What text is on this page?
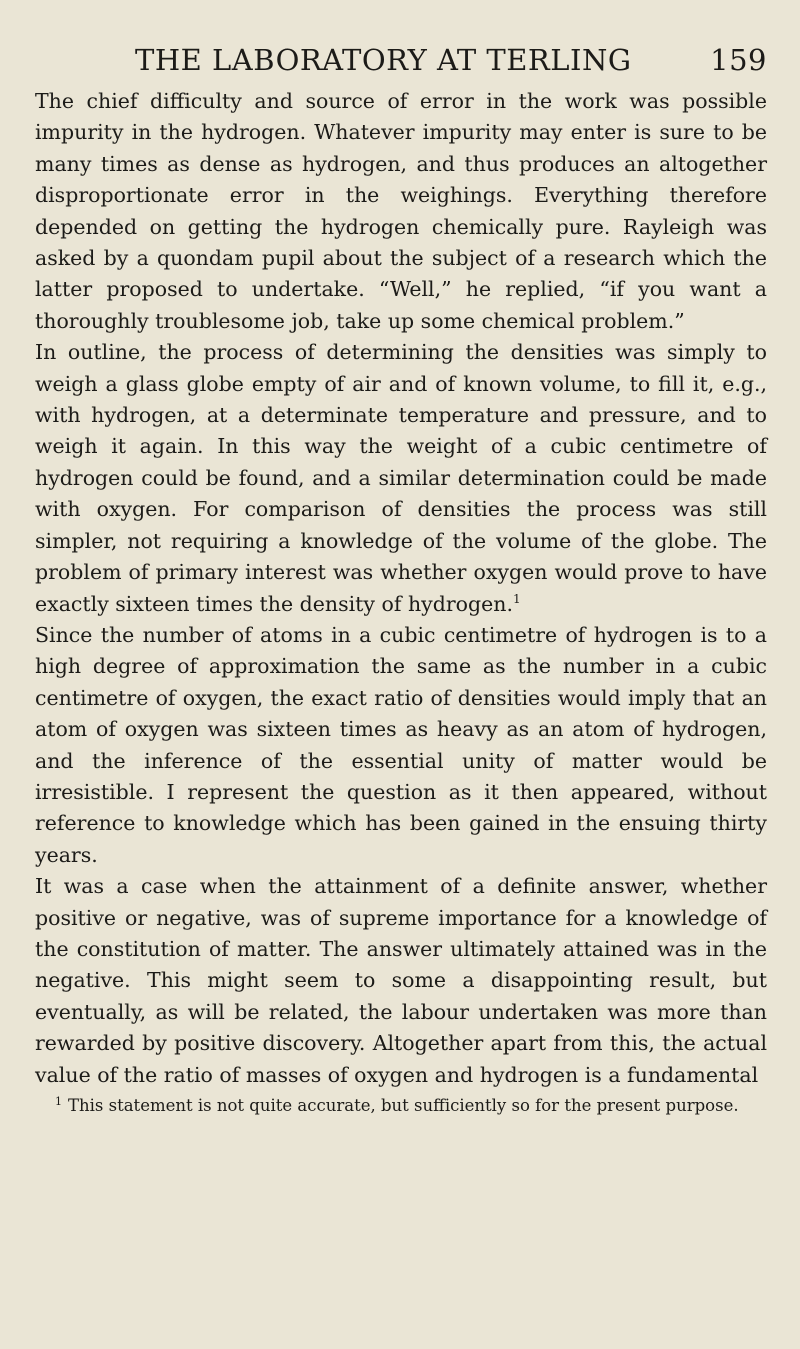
THE LABORATORY AT TERLING	159

The chief difficulty and source of error in the work was possible impurity in the hydrogen. Whatever impurity may enter is sure to be many times as dense as hydrogen, and thus produces an altogether disproportionate error in the weighings. Everything therefore depended on getting the hydrogen chemically pure. Rayleigh was asked by a quondam pupil about the subject of a research which the latter proposed to undertake. “Well,” he replied, “if you want a thoroughly troublesome job, take up some chemical problem.”

In outline, the process of determining the densities was simply to weigh a glass globe empty of air and of known volume, to fill it, e.g., with hydrogen, at a determinate temperature and pressure, and to weigh it again. In this way the weight of a cubic centimetre of hydrogen could be found, and a similar determination could be made with oxygen. For comparison of densities the process was still simpler, not requiring a knowledge of the volume of the globe. The problem of primary interest was whether oxygen would prove to have exactly sixteen times the density of hydrogen.$^1$

Since the number of atoms in a cubic centimetre of hydrogen is to a high degree of approximation the same as the number in a cubic centimetre of oxygen, the exact ratio of densities would imply that an atom of oxygen was sixteen times as heavy as an atom of hydrogen, and the inference of the essential unity of matter would be irresistible. I represent the question as it then appeared, without reference to knowledge which has been gained in the ensuing thirty years.

It was a case when the attainment of a definite answer, whether positive or negative, was of supreme importance for a knowledge of the constitution of matter. The answer ultimately attained was in the negative. This might seem to some a disappointing result, but eventually, as will be related, the labour undertaken was more than rewarded by positive discovery. Altogether apart from this, the actual value of the ratio of masses of oxygen and hydrogen is a fundamental

$^1$ This statement is not quite accurate, but sufficiently so for the present purpose.
